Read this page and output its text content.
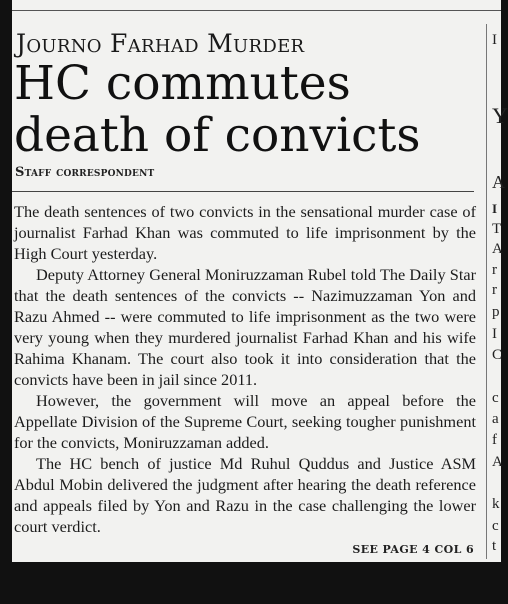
Journo Farhad Murder
HC commutes death of convicts
Staff correspondent

The death sentences of two convicts in the sensational murder case of journalist Farhad Khan was commuted to life imprisonment by the High Court yesterday.

Deputy Attorney General Moniruzzaman Rubel told The Daily Star that the death sentences of the convicts -- Nazimuzzaman Yon and Razu Ahmed -- were commuted to life imprisonment as the two were very young when they murdered journalist Farhad Khan and his wife Rahima Khanam. The court also took it into consideration that the convicts have been in jail since 2011.

However, the government will move an appeal before the Appellate Division of the Supreme Court, seeking tougher punishment for the convicts, Moniruzzaman added.

The HC bench of justice Md Ruhul Quddus and Justice ASM Abdul Mobin delivered the judgment after hearing the death reference and appeals filed by Yon and Razu in the case challenging the lower court verdict.

SEE PAGE 4 COL 6
I
Y
A
I
T
A
r
r
p
I
C
c
a
f
A
k
c
t
